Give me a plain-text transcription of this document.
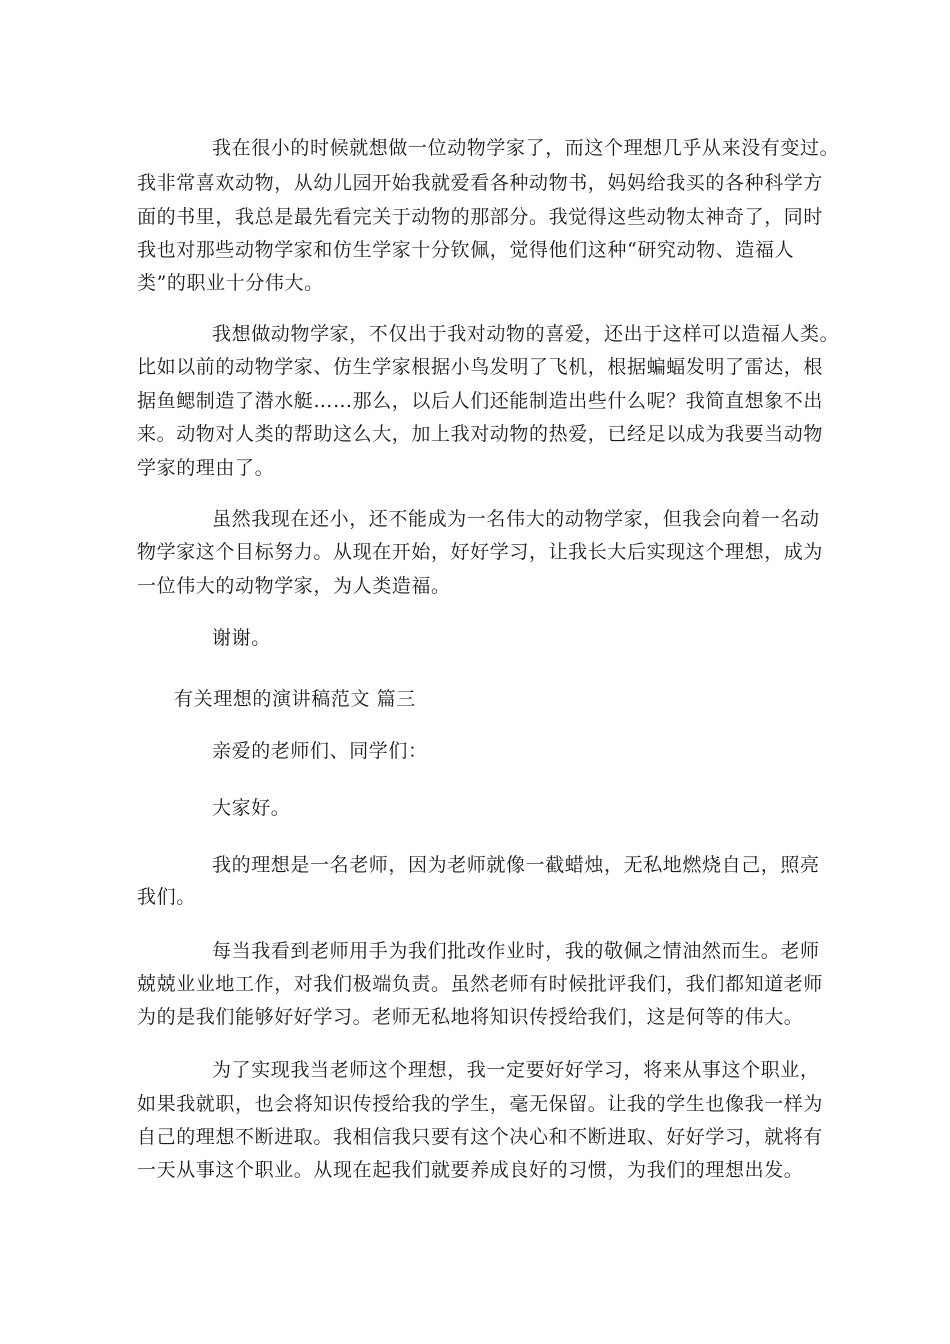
我在很小的时候就想做一位动物学家了，而这个理想几乎从来没有变过。
我非常喜欢动物，从幼儿园开始我就爱看各种动物书，妈妈给我买的各种科学方
面的书里，我总是最先看完关于动物的那部分。我觉得这些动物太神奇了，同时
我也对那些动物学家和仿生学家十分钦佩，觉得他们这种“研究动物、造福人
类”的职业十分伟大。
我想做动物学家，不仅出于我对动物的喜爱，还出于这样可以造福人类。
比如以前的动物学家、仿生学家根据小鸟发明了飞机，根据蝙蝠发明了雷达，根
据鱼鳃制造了潜水艇……那么，以后人们还能制造出些什么呢？我简直想象不出
来。动物对人类的帮助这么大，加上我对动物的热爱，已经足以成为我要当动物
学家的理由了。
虽然我现在还小，还不能成为一名伟大的动物学家，但我会向着一名动
物学家这个目标努力。从现在开始，好好学习，让我长大后实现这个理想，成为
一位伟大的动物学家，为人类造福。
谢谢。
有关理想的演讲稿范文 篇三
亲爱的老师们、同学们：
大家好。
我的理想是一名老师，因为老师就像一截蜡烛，无私地燃烧自己，照亮
我们。
每当我看到老师用手为我们批改作业时，我的敬佩之情油然而生。老师
兢兢业业地工作，对我们极端负责。虽然老师有时候批评我们，我们都知道老师
为的是我们能够好好学习。老师无私地将知识传授给我们，这是何等的伟大。
为了实现我当老师这个理想，我一定要好好学习，将来从事这个职业，
如果我就职，也会将知识传授给我的学生，毫无保留。让我的学生也像我一样为
自己的理想不断进取。我相信我只要有这个决心和不断进取、好好学习，就将有
一天从事这个职业。从现在起我们就要养成良好的习惯，为我们的理想出发。
